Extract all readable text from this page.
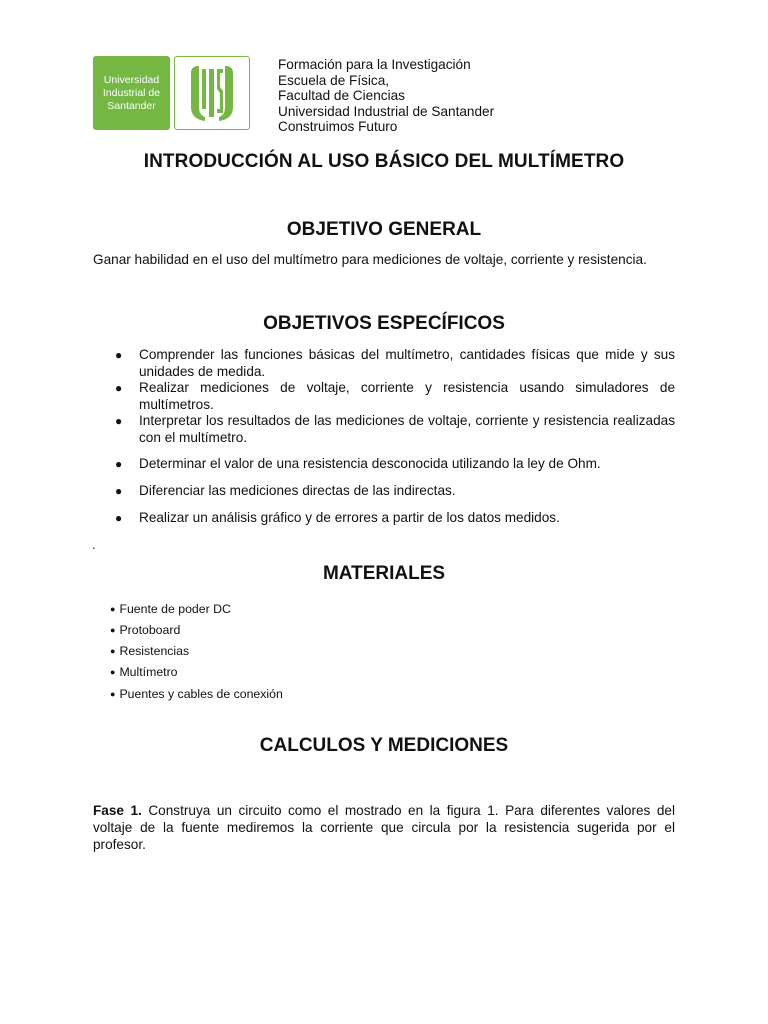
Universidad
Industrial de
Santander
Formación para la Investigación
Escuela de Física,
Facultad de Ciencias
Universidad Industrial de Santander
Construimos Futuro
INTRODUCCIÓN AL USO BÁSICO DEL MULTÍMETRO
OBJETIVO GENERAL
Ganar habilidad en el uso del multímetro para mediciones de voltaje, corriente y resistencia.
OBJETIVOS ESPECÍFICOS
● Comprender las funciones básicas del multímetro, cantidades físicas que mide y sus unidades de medida.
● Realizar mediciones de voltaje, corriente y resistencia usando simuladores de multímetros.
● Interpretar los resultados de las mediciones de voltaje, corriente y resistencia realizadas con el multímetro.
● Determinar el valor de una resistencia desconocida utilizando la ley de Ohm.
● Diferenciar las mediciones directas de las indirectas.
● Realizar un análisis gráfico y de errores a partir de los datos medidos.
.
MATERIALES
● Fuente de poder DC
● Protoboard
● Resistencias
● Multímetro
● Puentes y cables de conexión
CALCULOS Y MEDICIONES
Fase 1. Construya un circuito como el mostrado en la figura 1. Para diferentes valores del voltaje de la fuente mediremos la corriente que circula por la resistencia sugerida por el profesor.
